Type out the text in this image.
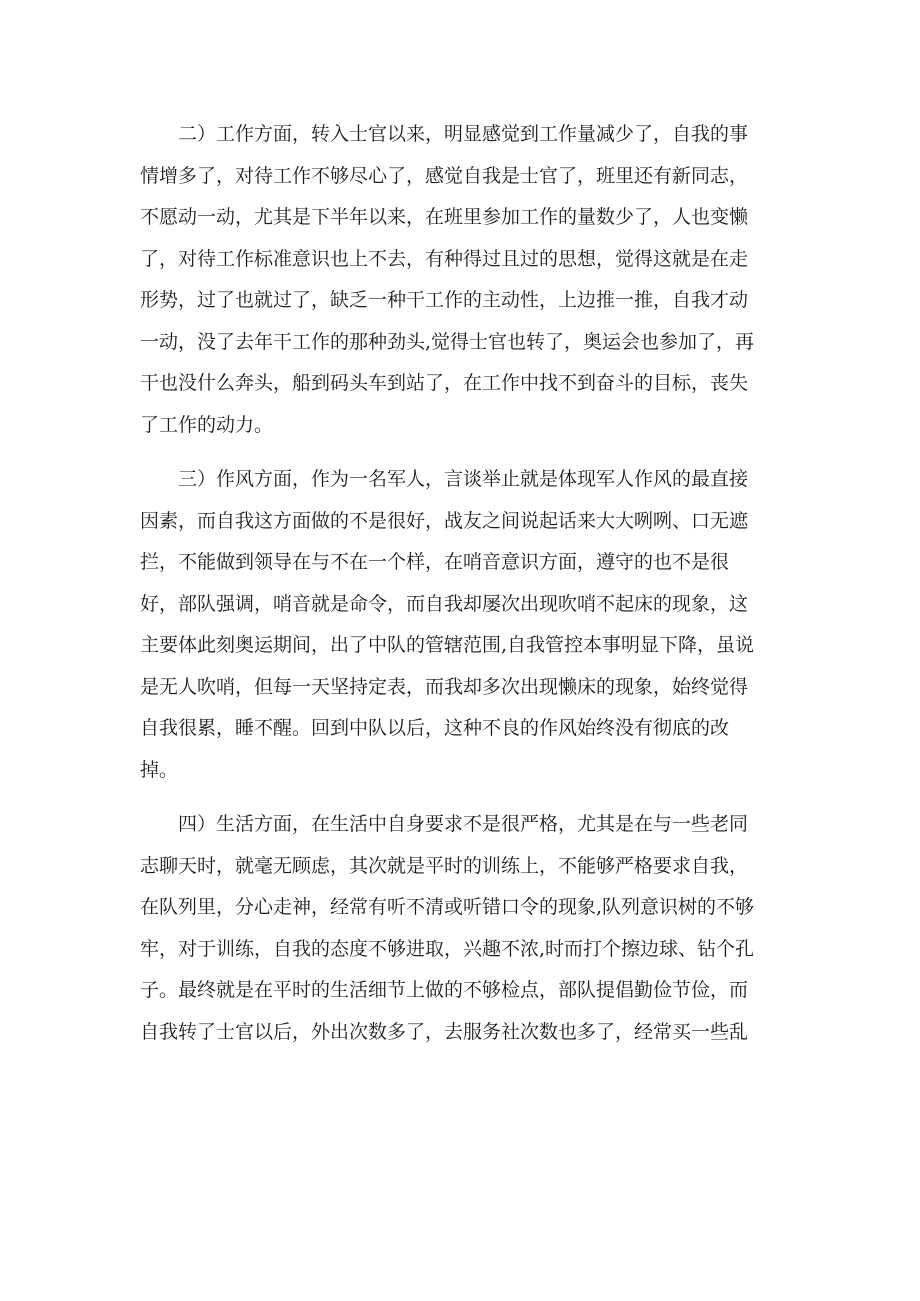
二）工作方面，转入士官以来，明显感觉到工作量减少了，自我的事
情增多了，对待工作不够尽心了，感觉自我是士官了，班里还有新同志，
不愿动一动，尤其是下半年以来，在班里参加工作的量数少了，人也变懒
了，对待工作标准意识也上不去，有种得过且过的思想，觉得这就是在走
形势，过了也就过了，缺乏一种干工作的主动性，上边推一推，自我才动
一动，没了去年干工作的那种劲头,觉得士官也转了，奥运会也参加了，再
干也没什么奔头，船到码头车到站了，在工作中找不到奋斗的目标，丧失
了工作的动力。
三）作风方面，作为一名军人，言谈举止就是体现军人作风的最直接
因素，而自我这方面做的不是很好，战友之间说起话来大大咧咧、口无遮
拦，不能做到领导在与不在一个样，在哨音意识方面，遵守的也不是很
好，部队强调，哨音就是命令，而自我却屡次出现吹哨不起床的现象，这
主要体此刻奥运期间，出了中队的管辖范围,自我管控本事明显下降，虽说
是无人吹哨，但每一天坚持定表，而我却多次出现懒床的现象，始终觉得
自我很累，睡不醒。回到中队以后，这种不良的作风始终没有彻底的改
掉。
四）生活方面，在生活中自身要求不是很严格，尤其是在与一些老同
志聊天时，就毫无顾虑，其次就是平时的训练上，不能够严格要求自我，
在队列里，分心走神，经常有听不清或听错口令的现象,队列意识树的不够
牢，对于训练，自我的态度不够进取，兴趣不浓,时而打个擦边球、钻个孔
子。最终就是在平时的生活细节上做的不够检点，部队提倡勤俭节俭，而
自我转了士官以后，外出次数多了，去服务社次数也多了，经常买一些乱
